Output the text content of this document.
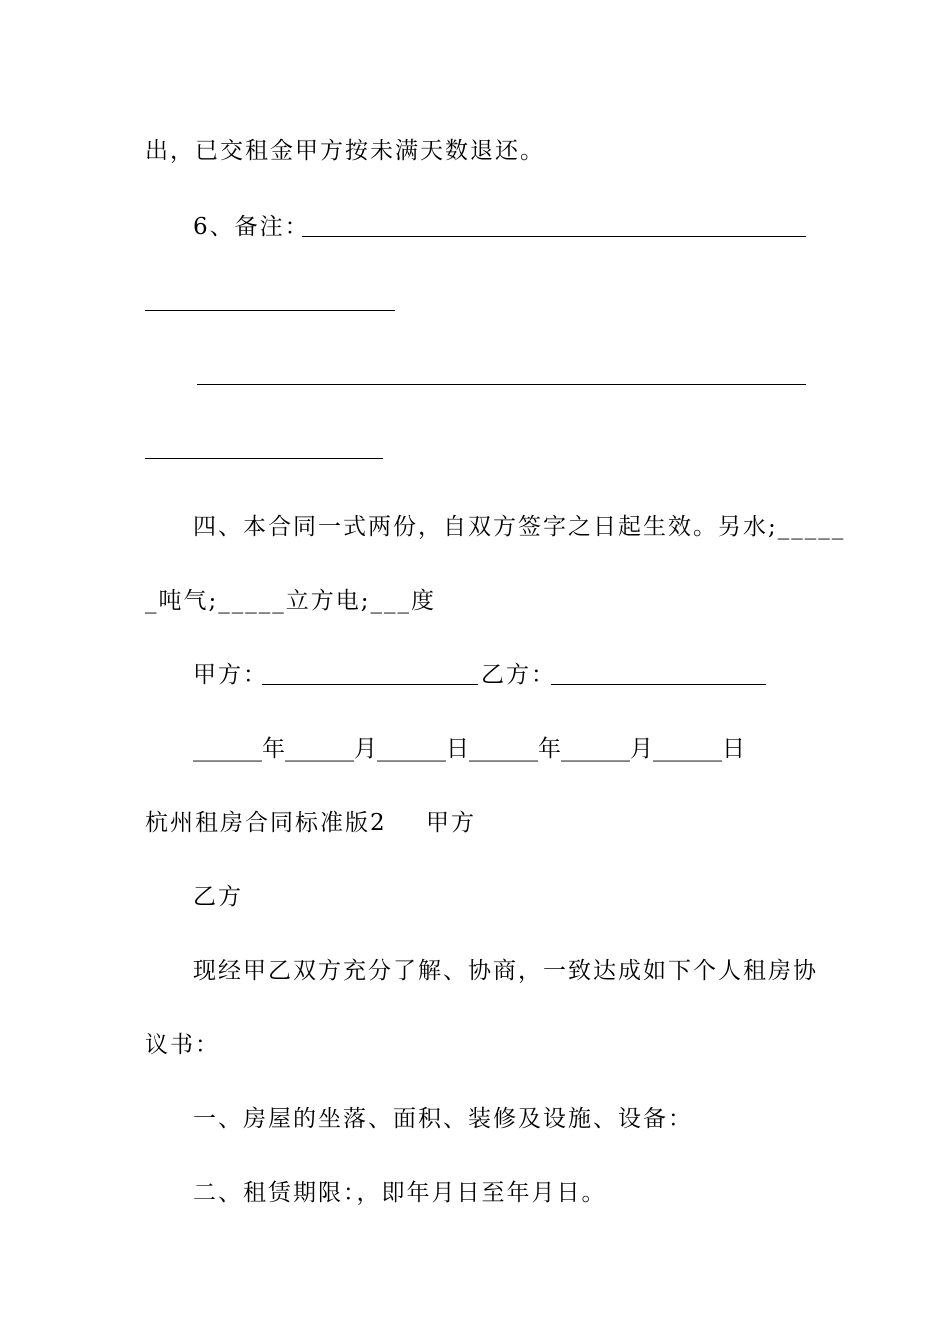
出，已交租金甲方按未满天数退还。
6、备注：
四、本合同一式两份，自双方签字之日起生效。另水;_____
_吨气;_____立方电;___度
甲方：	乙方：
______年______月______日______年______月______日
杭州租房合同标准版2 甲方
乙方
现经甲乙双方充分了解、协商，一致达成如下个人租房协
议书：
一、房屋的坐落、面积、装修及设施、设备：
二、租赁期限：，即年月日至年月日。
